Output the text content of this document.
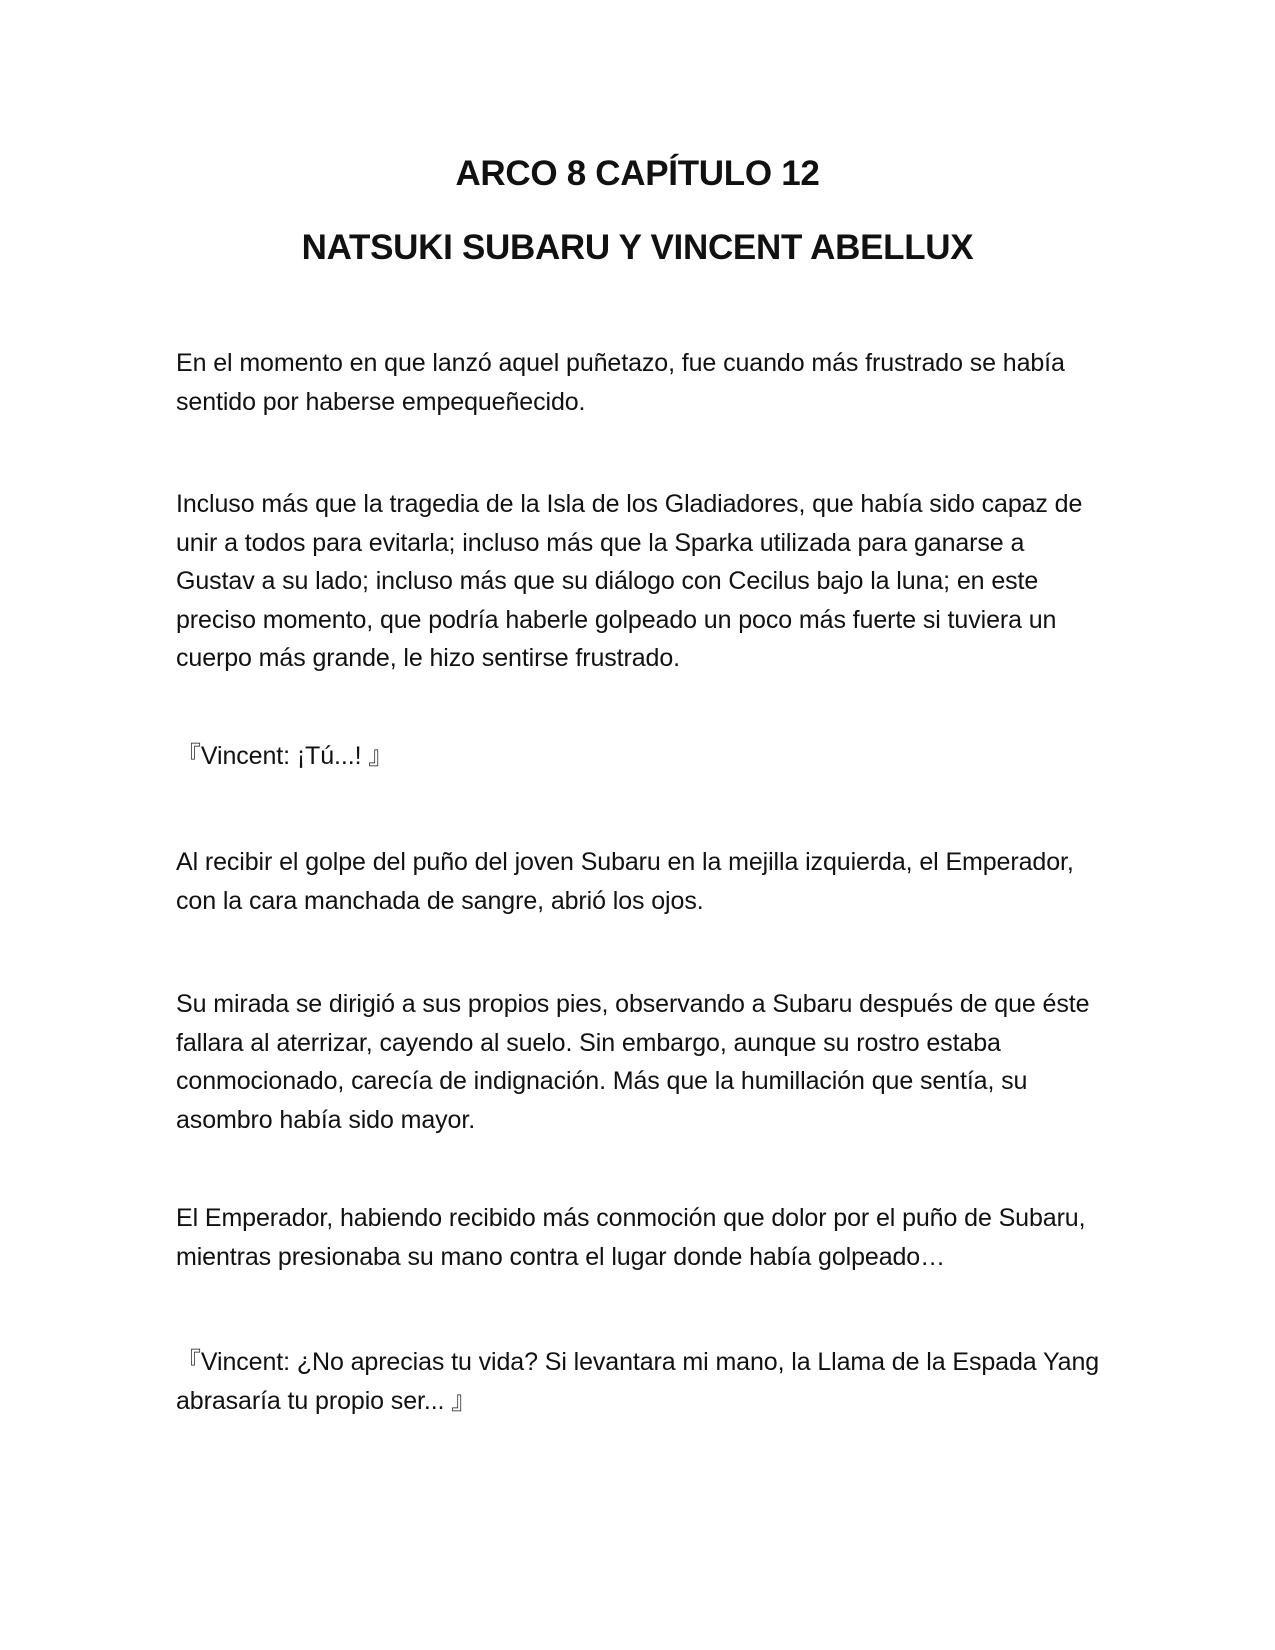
ARCO 8 CAPÍTULO 12
NATSUKI SUBARU Y VINCENT ABELLUX

En el momento en que lanzó aquel puñetazo, fue cuando más frustrado se había sentido por haberse empequeñecido.

Incluso más que la tragedia de la Isla de los Gladiadores, que había sido capaz de unir a todos para evitarla; incluso más que la Sparka utilizada para ganarse a Gustav a su lado; incluso más que su diálogo con Cecilus bajo la luna; en este preciso momento, que podría haberle golpeado un poco más fuerte si tuviera un cuerpo más grande, le hizo sentirse frustrado.

『Vincent: ¡Tú...! 』

Al recibir el golpe del puño del joven Subaru en la mejilla izquierda, el Emperador, con la cara manchada de sangre, abrió los ojos.

Su mirada se dirigió a sus propios pies, observando a Subaru después de que éste fallara al aterrizar, cayendo al suelo. Sin embargo, aunque su rostro estaba conmocionado, carecía de indignación. Más que la humillación que sentía, su asombro había sido mayor.

El Emperador, habiendo recibido más conmoción que dolor por el puño de Subaru, mientras presionaba su mano contra el lugar donde había golpeado…

『Vincent: ¿No aprecias tu vida? Si levantara mi mano, la Llama de la Espada Yang abrasaría tu propio ser... 』
